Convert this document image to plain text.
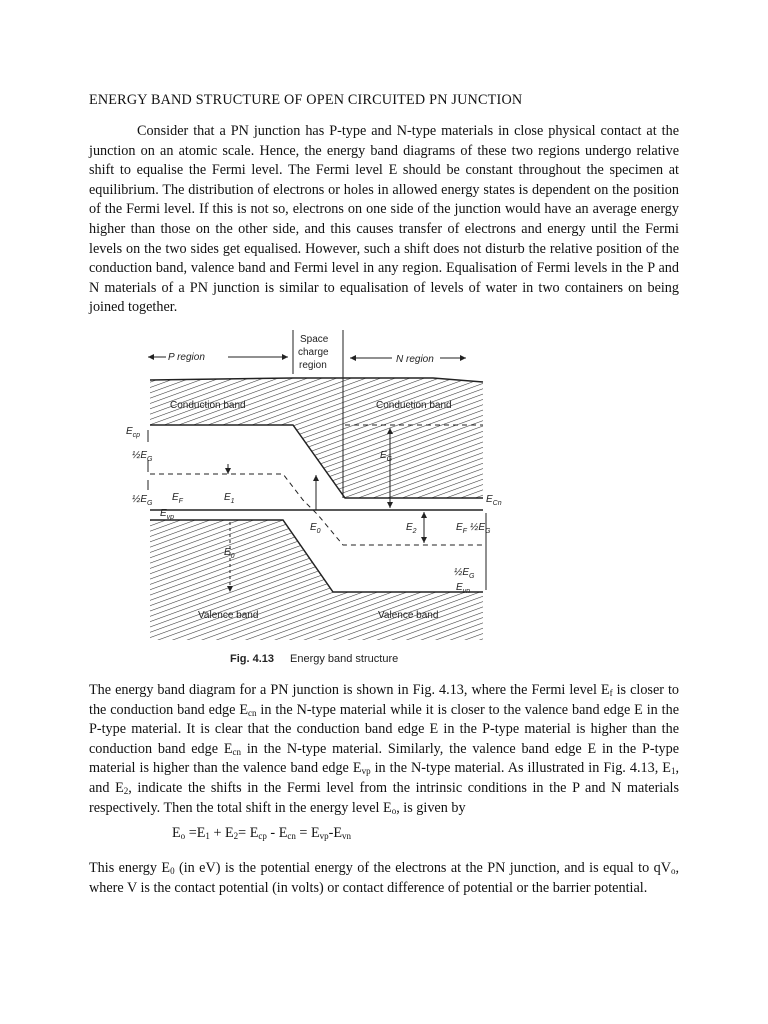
ENERGY BAND STRUCTURE OF OPEN CIRCUITED PN JUNCTION

Consider that a PN junction has P-type and N-type materials in close physical contact at the junction on an atomic scale. Hence, the energy band diagrams of these two regions undergo relative shift to equalise the Fermi level. The Fermi level E should be constant throughout the specimen at equilibrium. The distribution of electrons or holes in allowed energy states is dependent on the position of the Fermi level. If this is not so, electrons on one side of the junction would have an average energy higher than those on the other side, and this causes transfer of electrons and energy until the Fermi levels on the two sides get equalised. However, such a shift does not disturb the relative position of the conduction band, valence band and Fermi level in any region. Equalisation of Fermi levels in the P and N materials of a PN junction is similar to equalisation of levels of water in two containers on being joined together.

P region
Space
charge
region
N region
Conduction band	Conduction band
Valence band	Valence band
$E_{cp}$
$\frac{1}{2}E_G$
$\frac{1}{2}E_G$
$E_F$
$E_{vp}$
$E_1$
$E_0$
$E_0$
$E_G$
$E_{Cn}$
$E_2$	$E_F$ $\frac{1}{2}E_G$
$\frac{1}{2}E_G$
$E_{vn}$
Fig. 4.13 Energy band structure

The energy band diagram for a PN junction is shown in Fig. 4.13, where the Fermi level $E_f$ is closer to the conduction band edge $E_{cn}$ in the N-type material while it is closer to the valence band edge E in the P-type material. It is clear that the conduction band edge E in the P-type material is higher than the conduction band edge $E_{cn}$ in the N-type material. Similarly, the valence band edge E in the P-type material is higher than the valence band edge $E_{vp}$ in the N-type material. As illustrated in Fig. 4.13, $E_1$, and $E_2$, indicate the shifts in the Fermi level from the intrinsic conditions in the P and N materials respectively. Then the total shift in the energy level $E_o$, is given by

$E_o =E_1 + E_2= E_{cp} - E_{cn} = E_{vp}-E_{vn}$

This energy $E_0$ (in eV) is the potential energy of the electrons at the PN junction, and is equal to $qV_o$, where V is the contact potential (in volts) or contact difference of potential or the barrier potential.
